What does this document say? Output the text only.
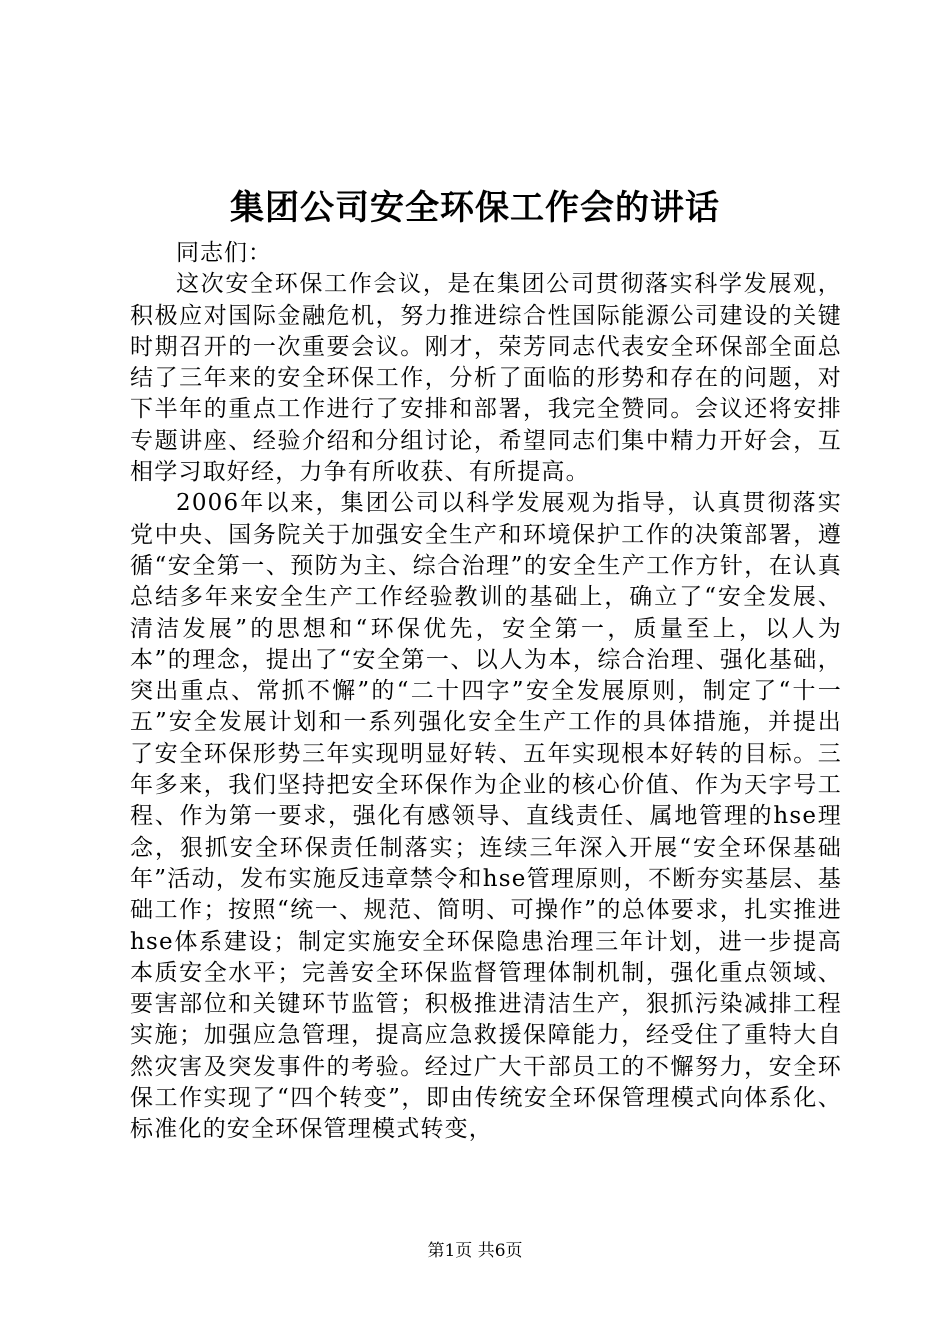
集团公司安全环保工作会的讲话

同志们：

这次安全环保工作会议，是在集团公司贯彻落实科学发展观，积极应对国际金融危机，努力推进综合性国际能源公司建设的关键时期召开的一次重要会议。刚才，荣芳同志代表安全环保部全面总结了三年来的安全环保工作，分析了面临的形势和存在的问题，对下半年的重点工作进行了安排和部署，我完全赞同。会议还将安排专题讲座、经验介绍和分组讨论，希望同志们集中精力开好会，互相学习取好经，力争有所收获、有所提高。

2006年以来，集团公司以科学发展观为指导，认真贯彻落实党中央、国务院关于加强安全生产和环境保护工作的决策部署，遵循“安全第一、预防为主、综合治理”的安全生产工作方针，在认真总结多年来安全生产工作经验教训的基础上，确立了“安全发展、清洁发展”的思想和“环保优先，安全第一，质量至上，以人为本”的理念，提出了“安全第一、以人为本，综合治理、强化基础，突出重点、常抓不懈”的“二十四字”安全发展原则，制定了“十一五”安全发展计划和一系列强化安全生产工作的具体措施，并提出了安全环保形势三年实现明显好转、五年实现根本好转的目标。三年多来，我们坚持把安全环保作为企业的核心价值、作为天字号工程、作为第一要求，强化有感领导、直线责任、属地管理的hse理念，狠抓安全环保责任制落实；连续三年深入开展“安全环保基础年”活动，发布实施反违章禁令和hse管理原则，不断夯实基层、基础工作；按照“统一、规范、简明、可操作”的总体要求，扎实推进hse体系建设；制定实施安全环保隐患治理三年计划，进一步提高本质安全水平；完善安全环保监督管理体制机制，强化重点领域、要害部位和关键环节监管；积极推进清洁生产，狠抓污染减排工程实施；加强应急管理，提高应急救援保障能力，经受住了重特大自然灾害及突发事件的考验。经过广大干部员工的不懈努力，安全环保工作实现了“四个转变”，即由传统安全环保管理模式向体系化、标准化的安全环保管理模式转变，

第1页 共6页
